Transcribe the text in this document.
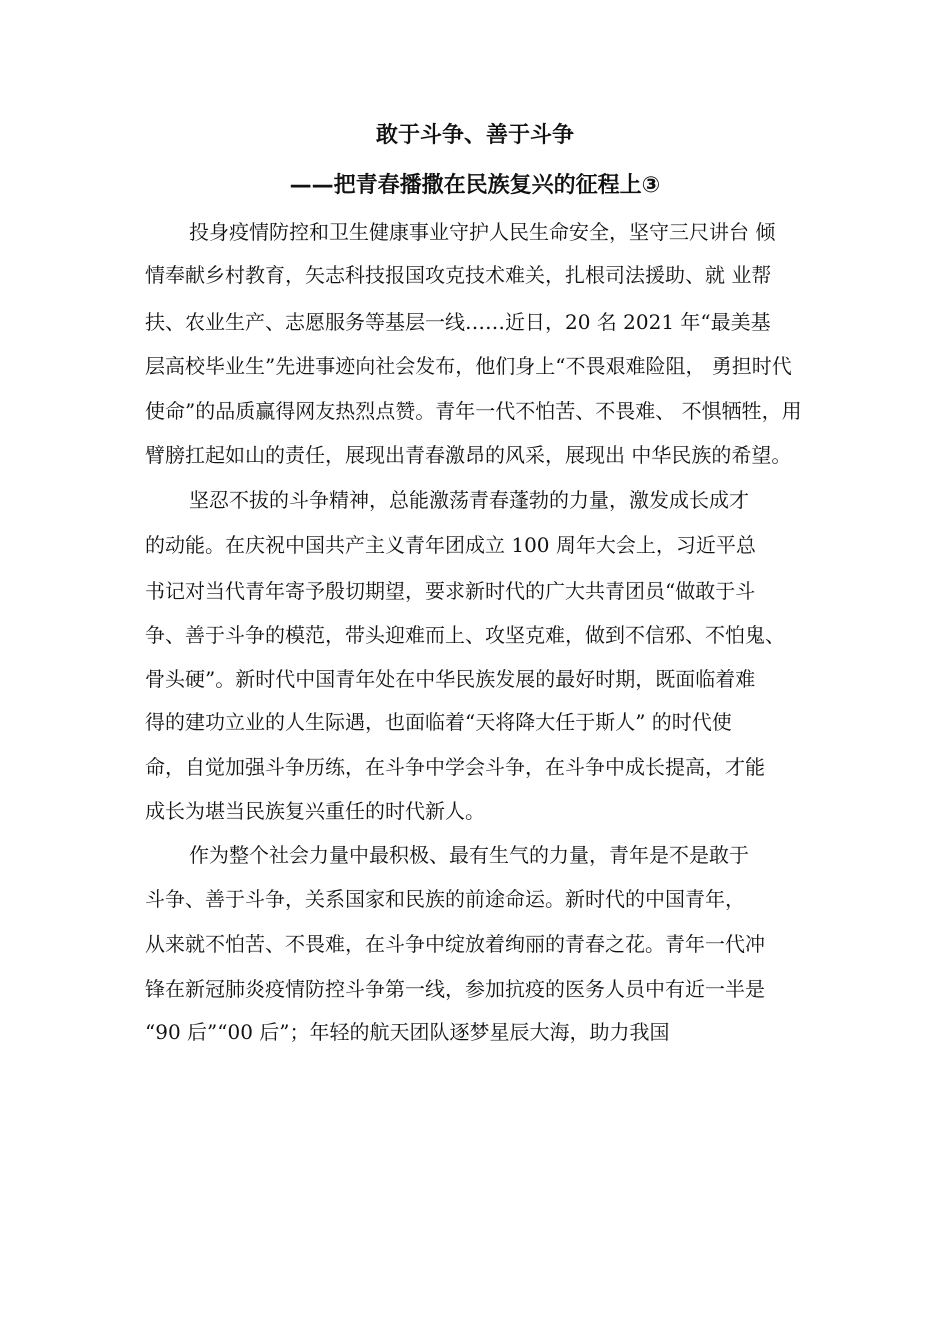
敢于斗争、善于斗争
——把青春播撒在民族复兴的征程上③
投身疫情防控和卫生健康事业守护人民生命安全，坚守三尺讲台 倾
情奉献乡村教育，矢志科技报国攻克技术难关，扎根司法援助、就 业帮
扶、农业生产、志愿服务等基层一线……近日，20 名 2021 年“最美基
层高校毕业生”先进事迹向社会发布，他们身上“不畏艰难险阻， 勇担时代
使命”的品质赢得网友热烈点赞。青年一代不怕苦、不畏难、 不惧牺牲，用
臂膀扛起如山的责任，展现出青春激昂的风采，展现出 中华民族的希望。
坚忍不拔的斗争精神，总能激荡青春蓬勃的力量，激发成长成才
的动能。在庆祝中国共产主义青年团成立 100 周年大会上，习近平总
书记对当代青年寄予殷切期望，要求新时代的广大共青团员“做敢于斗
争、善于斗争的模范，带头迎难而上、攻坚克难，做到不信邪、不怕鬼、
骨头硬”。新时代中国青年处在中华民族发展的最好时期，既面临着难
得的建功立业的人生际遇，也面临着“天将降大任于斯人” 的时代使
命，自觉加强斗争历练，在斗争中学会斗争，在斗争中成长提高，才能
成长为堪当民族复兴重任的时代新人。
作为整个社会力量中最积极、最有生气的力量，青年是不是敢于
斗争、善于斗争，关系国家和民族的前途命运。新时代的中国青年，
从来就不怕苦、不畏难，在斗争中绽放着绚丽的青春之花。青年一代冲
锋在新冠肺炎疫情防控斗争第一线，参加抗疫的医务人员中有近一半是
“90 后”“00 后”；年轻的航天团队逐梦星辰大海，助力我国
